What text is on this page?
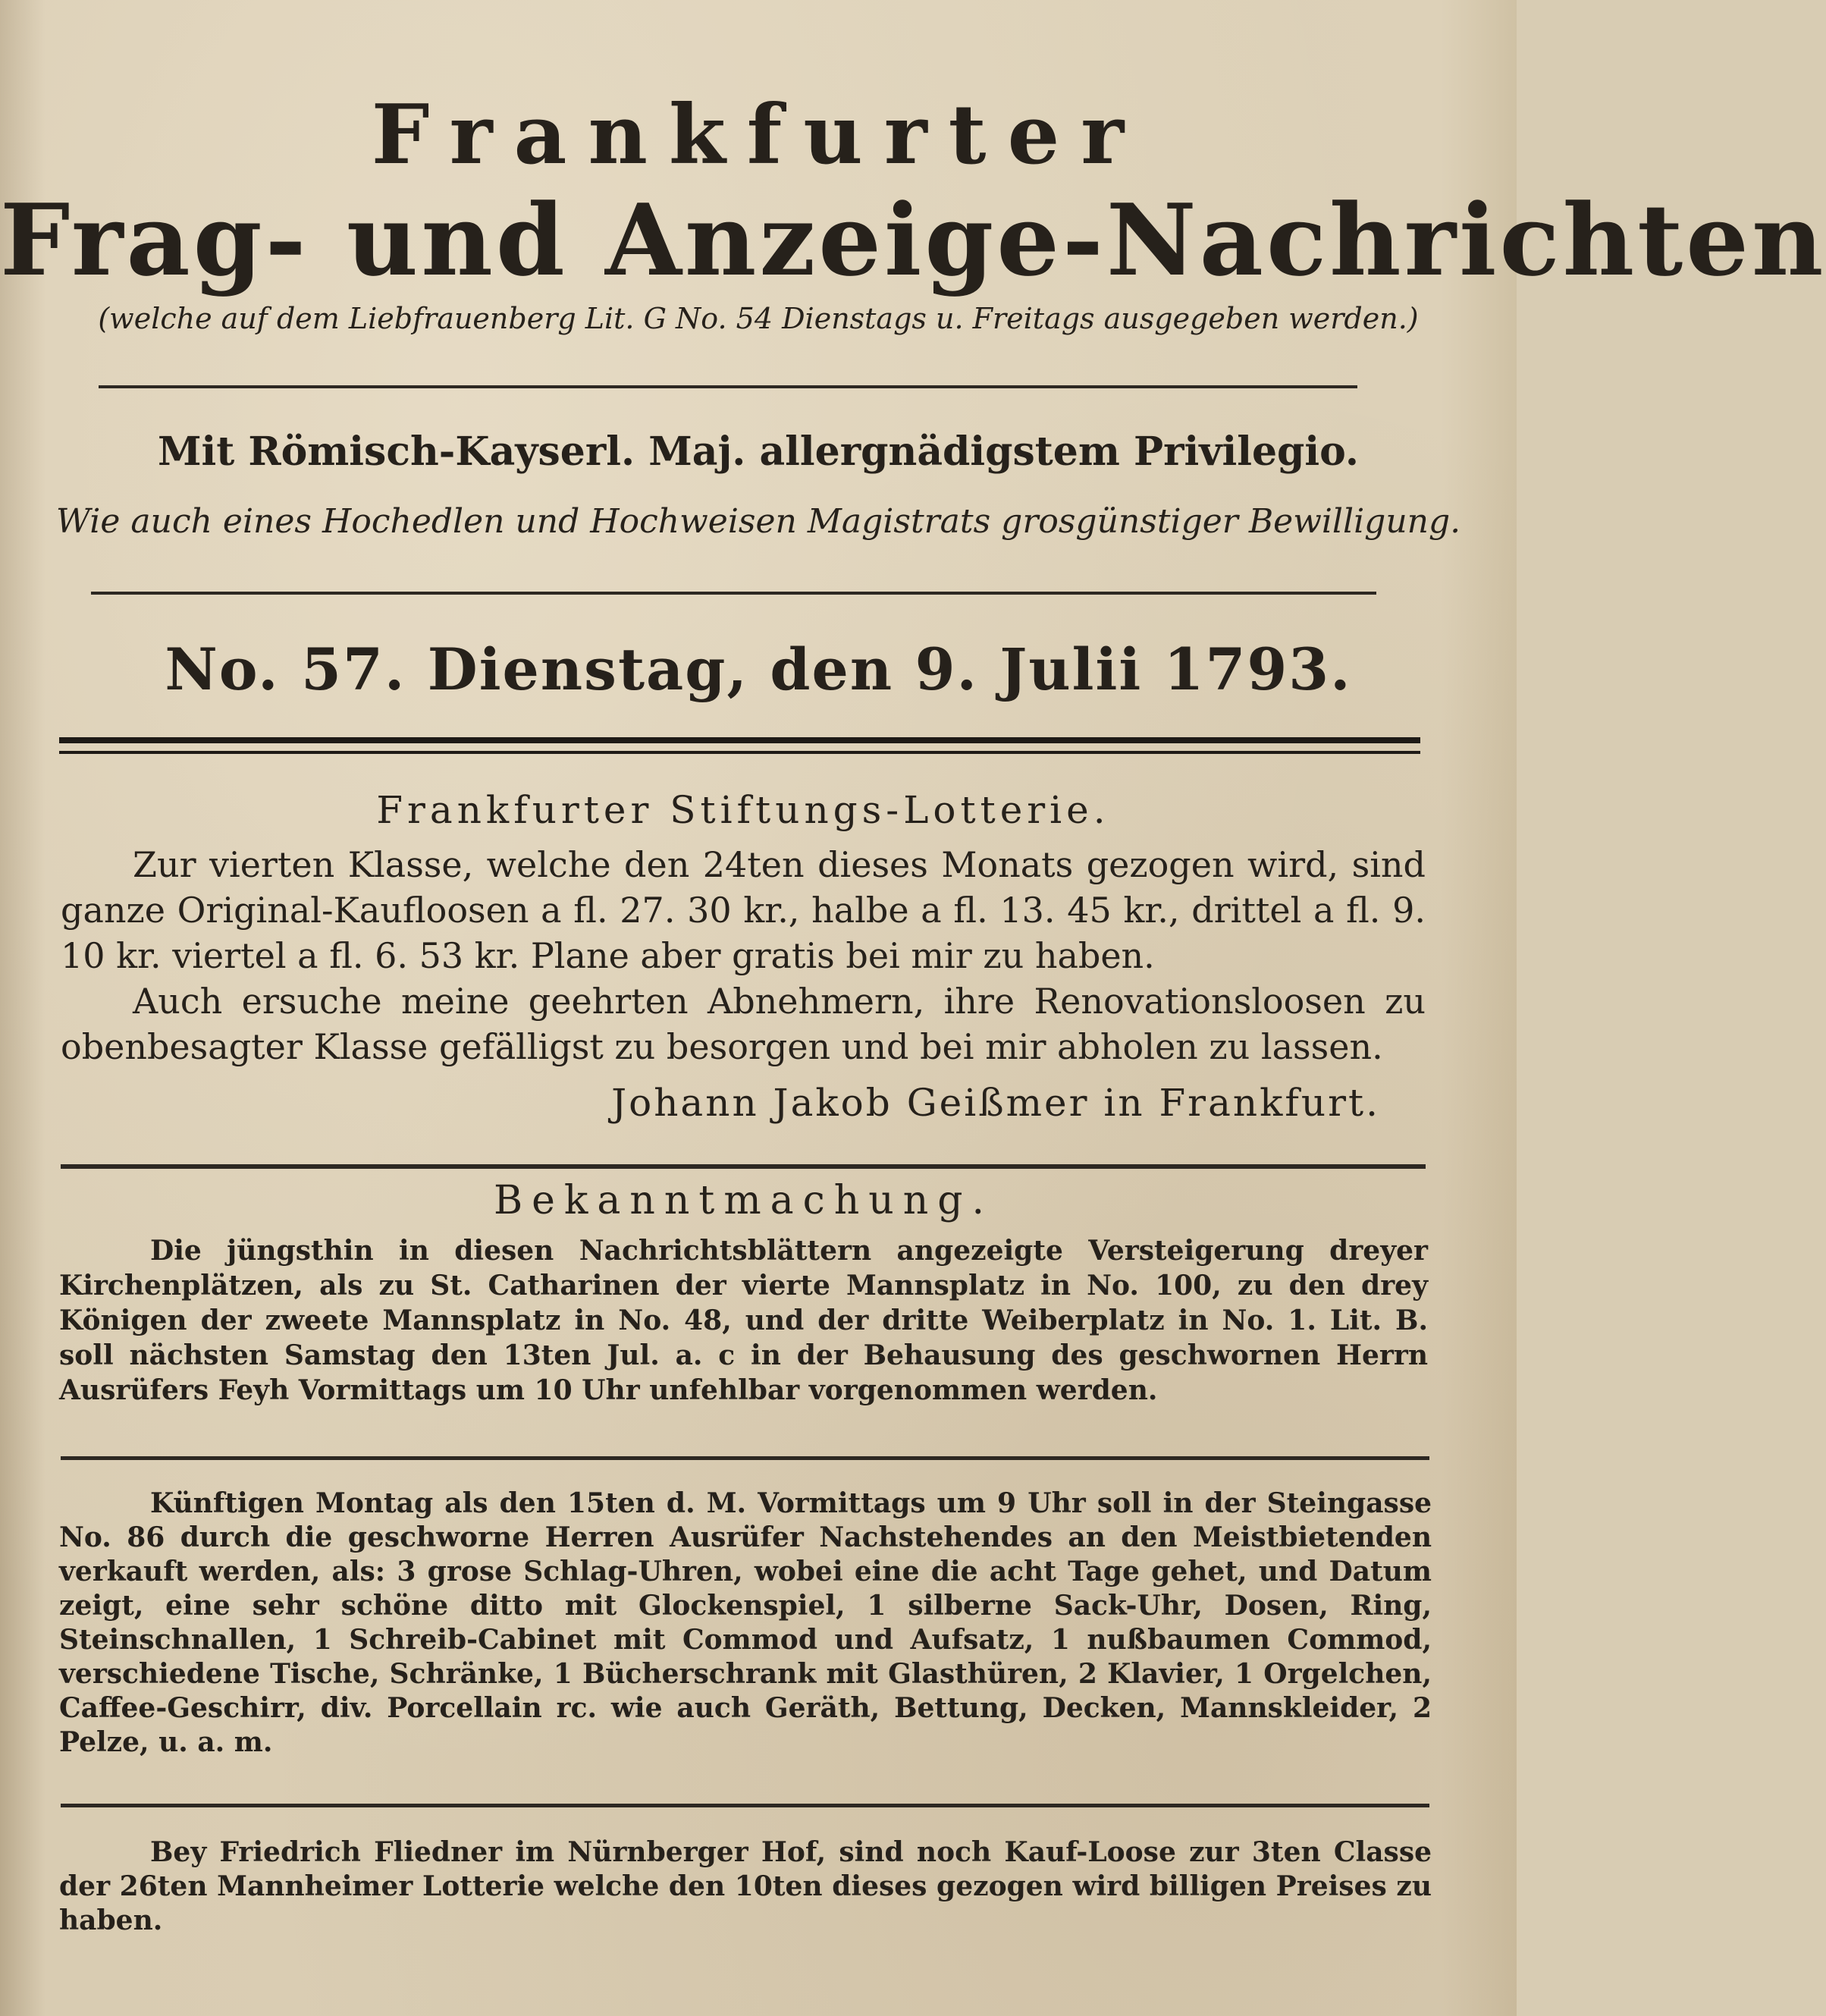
Frankfurter
Frag- und Anzeige-Nachrichten
(welche auf dem Liebfrauenberg Lit. G No. 54 Dienstags u. Freitags ausgegeben werden.)
Mit Römisch-Kayserl. Maj. allergnädigstem Privilegio.
Wie auch eines Hochedlen und Hochweisen Magistrats grosgünstiger Bewilligung.
No. 57. Dienstag, den 9. Julii 1793.
Frankfurter Stiftungs-Lotterie.

Zur vierten Klasse, welche den 24ten dieses Monats gezogen wird, sind ganze Original-Kaufloosen a fl. 27. 30 kr., halbe a fl. 13. 45 kr., drittel a fl. 9. 10 kr. viertel a fl. 6. 53 kr. Plane aber gratis bei mir zu haben.

Auch ersuche meine geehrten Abnehmern, ihre Renovationsloosen zu obenbesagter Klasse gefälligst zu besorgen und bei mir abholen zu lassen.

Johann Jakob Geißmer in Frankfurt.
Bekanntmachung.

Die jüngsthin in diesen Nachrichtsblättern angezeigte Versteigerung dreyer Kirchenplätzen, als zu St. Catharinen der vierte Mannsplatz in No. 100, zu den drey Königen der zweete Mannsplatz in No. 48, und der dritte Weiberplatz in No. 1. Lit. B. soll nächsten Samstag den 13ten Jul. a. c in der Behausung des geschwornen Herrn Ausrüfers Feyh Vormittags um 10 Uhr unfehlbar vorgenommen werden.

Künftigen Montag als den 15ten d. M. Vormittags um 9 Uhr soll in der Steingasse No. 86 durch die geschworne Herren Ausrüfer Nachstehendes an den Meistbietenden verkauft werden, als: 3 grose Schlag-Uhren, wobei eine die acht Tage gehet, und Datum zeigt, eine sehr schöne ditto mit Glockenspiel, 1 silberne Sack-Uhr, Dosen, Ring, Steinschnallen, 1 Schreib-Cabinet mit Commod und Aufsatz, 1 nußbaumen Commod, verschiedene Tische, Schränke, 1 Bücherschrank mit Glasthüren, 2 Klavier, 1 Orgelchen, Caffee-Geschirr, div. Porcellain rc. wie auch Geräth, Bettung, Decken, Mannskleider, 2 Pelze, u. a. m.

Bey Friedrich Fliedner im Nürnberger Hof, sind noch Kauf-Loose zur 3ten Classe der 26ten Mannheimer Lotterie welche den 10ten dieses gezogen wird billigen Preises zu haben.
